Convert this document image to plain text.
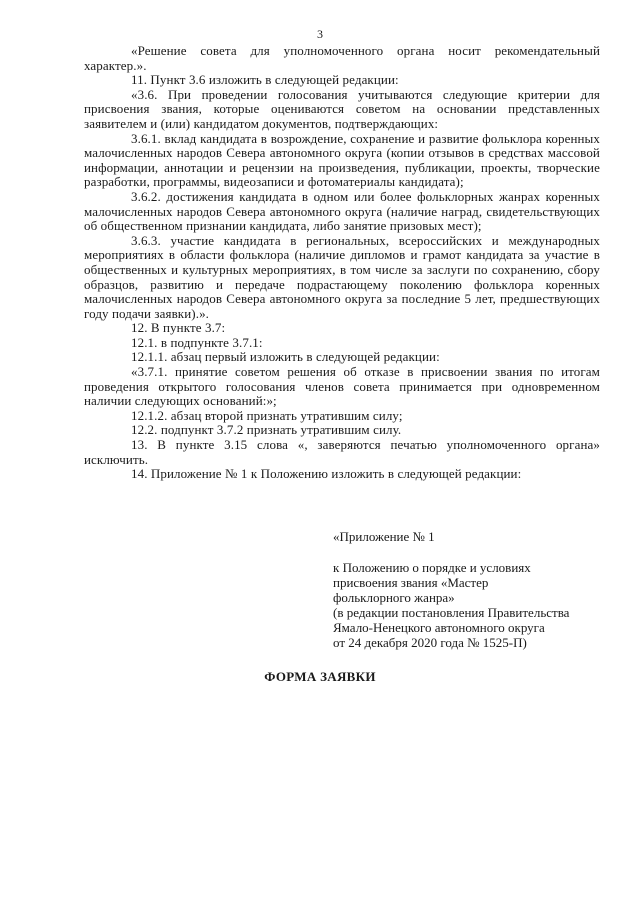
3

«Решение совета для уполномоченного органа носит рекомендательный характер.».

11. Пункт 3.6 изложить в следующей редакции:

«3.6. При проведении голосования учитываются следующие критерии для присвоения звания, которые оцениваются советом на основании представленных заявителем и (или) кандидатом документов, подтверждающих:

3.6.1. вклад кандидата в возрождение, сохранение и развитие фольклора коренных малочисленных народов Севера автономного округа (копии отзывов в средствах массовой информации, аннотации и рецензии на произведения, публикации, проекты, творческие разработки, программы, видеозаписи и фотоматериалы кандидата);

3.6.2. достижения кандидата в одном или более фольклорных жанрах коренных малочисленных народов Севера автономного округа (наличие наград, свидетельствующих об общественном признании кандидата, либо занятие призовых мест);

3.6.3. участие кандидата в региональных, всероссийских и международных мероприятиях в области фольклора (наличие дипломов и грамот кандидата за участие в общественных и культурных мероприятиях, в том числе за заслуги по сохранению, сбору образцов, развитию и передаче подрастающему поколению фольклора коренных малочисленных народов Севера автономного округа за последние 5 лет, предшествующих году подачи заявки).».

12. В пункте 3.7:

12.1. в подпункте 3.7.1:

12.1.1. абзац первый изложить в следующей редакции:

«3.7.1. принятие советом решения об отказе в присвоении звания по итогам проведения открытого голосования членов совета принимается при одновременном наличии следующих оснований:»;

12.1.2. абзац второй признать утратившим силу;

12.2. подпункт 3.7.2 признать утратившим силу.

13. В пункте 3.15 слова «, заверяются печатью уполномоченного органа» исключить.

14. Приложение № 1 к Положению изложить в следующей редакции:

«Приложение № 1
к Положению о порядке и условиях
присвоения звания «Мастер
фольклорного жанра»
(в редакции постановления Правительства
Ямало-Ненецкого автономного округа
от 24 декабря 2020 года № 1525-П)
ФОРМА ЗАЯВКИ
